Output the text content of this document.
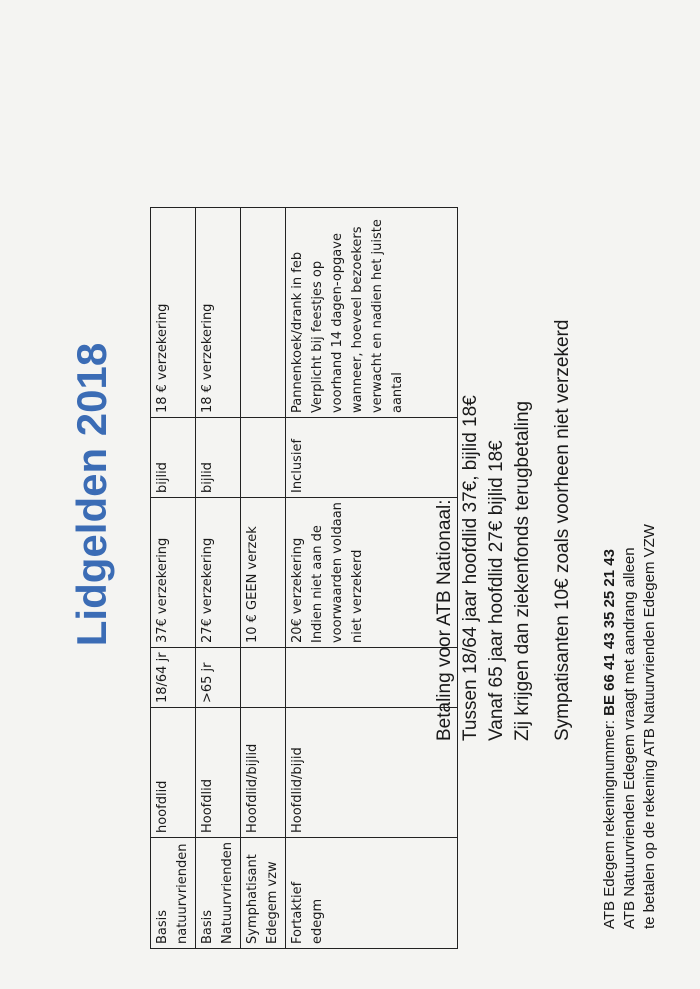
Lidgelden 2018
Basis natuurvrienden	hoofdlid	18/64 jr	37€ verzekering	bijlid	18 € verzekering
Basis Natuurvrienden	Hoofdlid	>65 jr	27€ verzekering	bijlid	18 € verzekering
Symphatisant Edegem vzw	Hoofdlid/bijlid		10 € GEEN verzek		
Fortaktief edegm	Hoofdlid/bijid		20€ verzekering Indien niet aan de voorwaarden voldaan niet verzekerd	Inclusief	Pannenkoek/drank in feb Verplicht bij feestjes op voorhand 14 dagen-opgave wanneer, hoeveel bezoekers verwacht en nadien het juiste aantal
Betaling voor ATB Nationaal: Tussen 18/64 jaar hoofdlid 37€, bijlid 18€ Vanaf 65 jaar hoofdlid 27€ bijlid 18€ Zij krijgen dan ziekenfonds terugbetaling Sympatisanten 10€ zoals voorheen niet verzekerd
ATB Edegem rekeningnummer: BE 66 41 43 35 25 21 43 ATB Natuurvrienden Edegem vraagt met aandrang alleen te betalen op de rekening ATB Natuurvrienden Edegem VZW
